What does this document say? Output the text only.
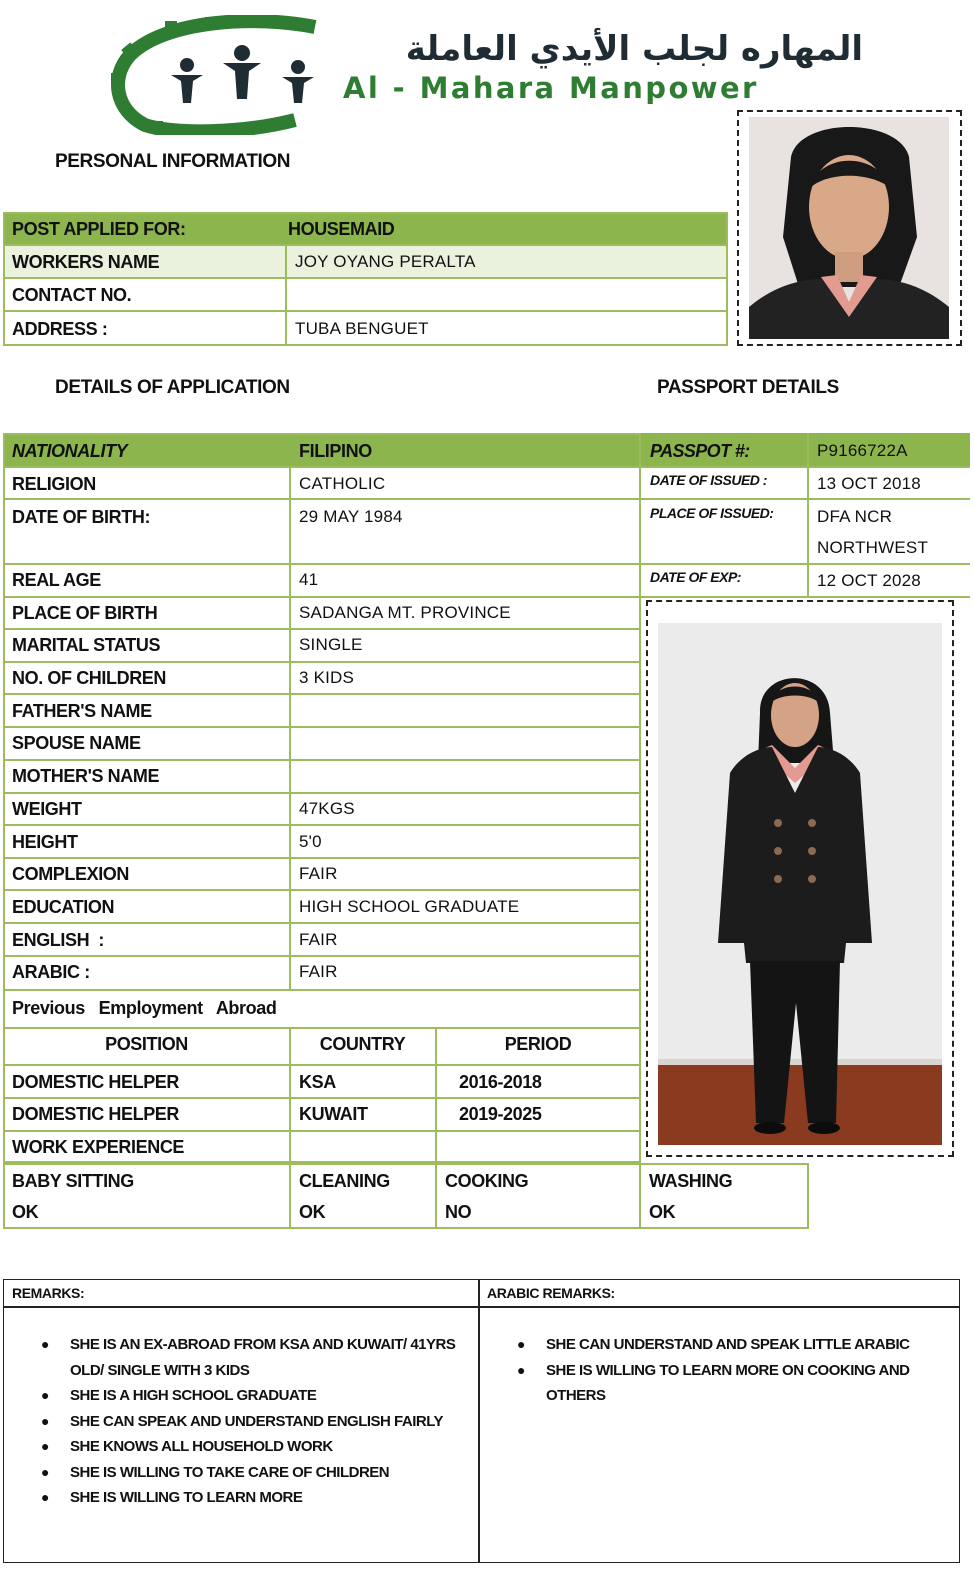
المهاره لجلب الأيدي العاملة
Al - Mahara Manpower
PERSONAL INFORMATION
DETAILS OF APPLICATION	PASSPORT DETAILS
POST APPLIED FOR:	HOUSEMAID
WORKERS NAME	JOY OYANG PERALTA
CONTACT NO.
ADDRESS :	TUBA BENGUET
NATIONALITY	FILIPINO
RELIGION	CATHOLIC
DATE OF BIRTH:	29 MAY 1984
REAL AGE	41
PLACE OF BIRTH	SADANGA MT. PROVINCE
MARITAL STATUS	SINGLE
NO. OF CHILDREN	3 KIDS
FATHER'S NAME
SPOUSE NAME
MOTHER'S NAME
WEIGHT	47KGS
HEIGHT	5'0
COMPLEXION	FAIR
EDUCATION	HIGH SCHOOL GRADUATE
ENGLISH  :	FAIR
ARABIC :	FAIR
PASSPOT #:	P9166722A
DATE OF ISSUED :	13 OCT 2018
PLACE OF ISSUED:	DFA NCR
NORTHWEST
DATE OF EXP:	12 OCT 2028
Previous Employment Abroad
POSITION	COUNTRY	PERIOD
DOMESTIC HELPER	KSA	2016-2018
DOMESTIC HELPER	KUWAIT	2019-2025
WORK EXPERIENCE
BABY SITTING
OK
CLEANING
OK
COOKING
NO
WASHING
OK
REMARKS:	ARABIC REMARKS:
● SHE IS AN EX-ABROAD FROM KSA AND KUWAIT/ 41YRS
OLD/ SINGLE WITH 3 KIDS
● SHE IS A HIGH SCHOOL GRADUATE
● SHE CAN SPEAK AND UNDERSTAND ENGLISH FAIRLY
● SHE KNOWS ALL HOUSEHOLD WORK
● SHE IS WILLING TO TAKE CARE OF CHILDREN
● SHE IS WILLING TO LEARN MORE
● SHE CAN UNDERSTAND AND SPEAK LITTLE ARABIC
● SHE IS WILLING TO LEARN MORE ON COOKING AND
OTHERS
